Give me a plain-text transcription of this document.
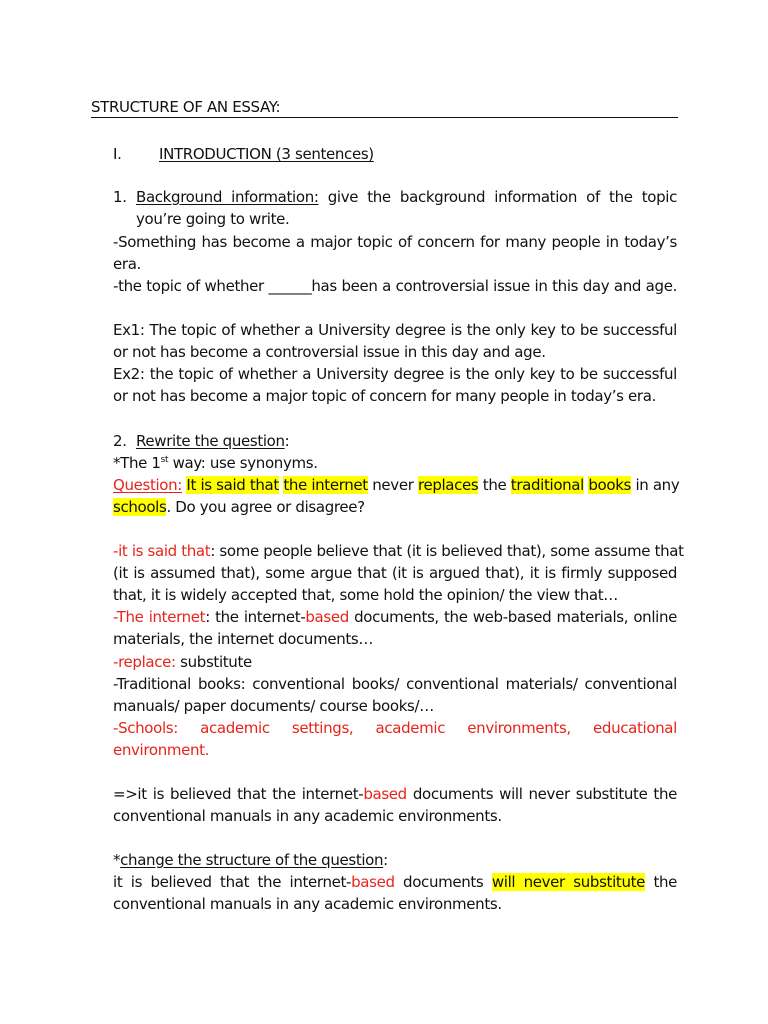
STRUCTURE OF AN ESSAY:
I.	INTRODUCTION (3 sentences)
1. Background information: give the background information of the topic
you’re going to write.
-Something has become a major topic of concern for many people in today’s
era.
-the topic of whether ______has been a controversial issue in this day and age.
Ex1: The topic of whether a University degree is the only key to be successful
or not has become a controversial issue in this day and age.
Ex2: the topic of whether a University degree is the only key to be successful
or not has become a major topic of concern for many people in today’s era.
2. Rewrite the question:
*The 1st way: use synonyms.
Question: It is said that the internet never replaces the traditional books in any
schools. Do you agree or disagree?
-it is said that: some people believe that (it is believed that), some assume that
(it is assumed that), some argue that (it is argued that), it is firmly supposed
that, it is widely accepted that, some hold the opinion/ the view that…
-The internet: the internet-based documents, the web-based materials, online
materials, the internet documents…
-replace: substitute
-Traditional books: conventional books/ conventional materials/ conventional
manuals/ paper documents/ course books/…
-Schools: academic settings, academic environments, educational
environment.
=>it is believed that the internet-based documents will never substitute the
conventional manuals in any academic environments.
*change the structure of the question:
it is believed that the internet-based documents will never substitute the
conventional manuals in any academic environments.
